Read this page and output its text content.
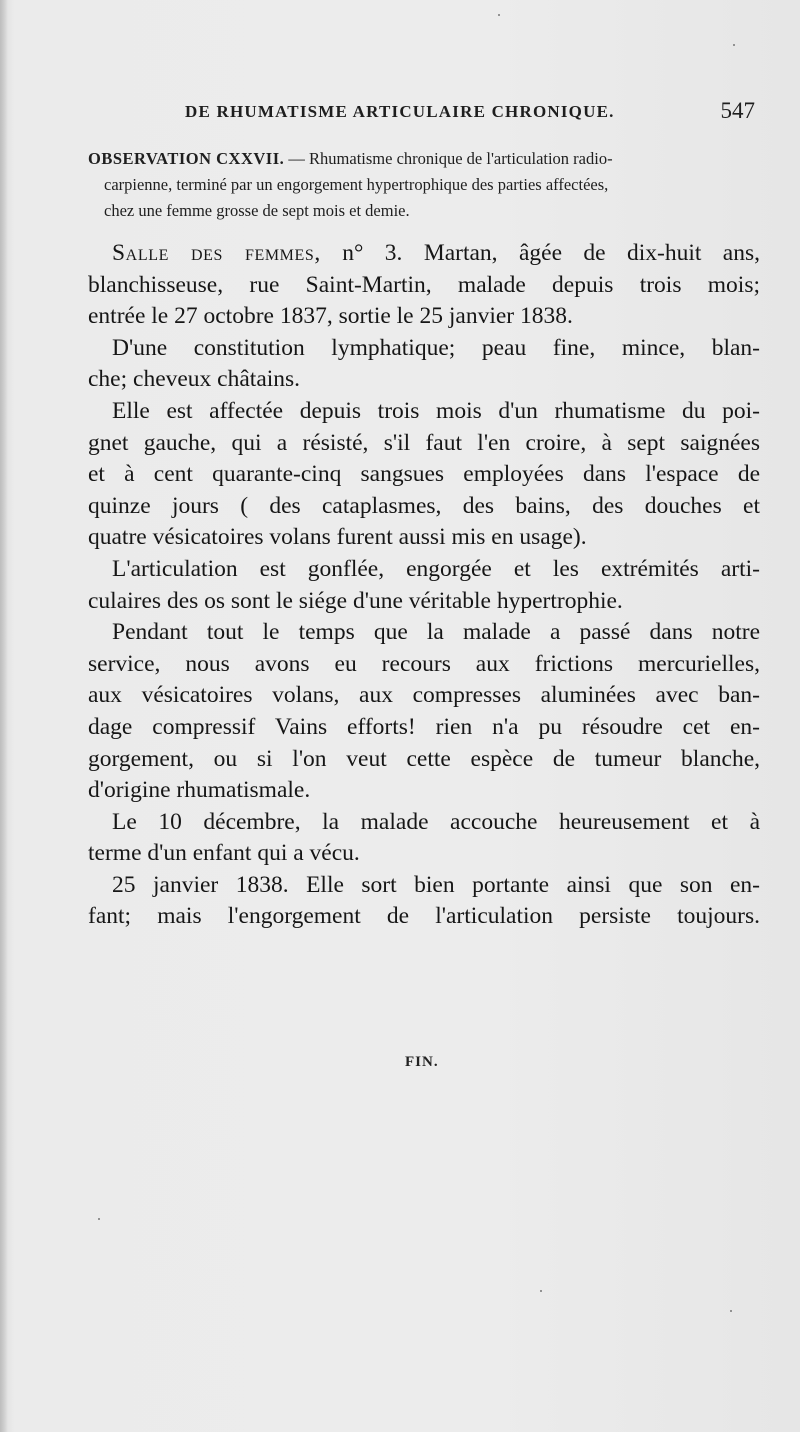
DE RHUMATISME ARTICULAIRE CHRONIQUE.	547
OBSERVATION CXXVII. — Rhumatisme chronique de l'articulation radio-
carpienne, terminé par un engorgement hypertrophique des parties affectées,
chez une femme grosse de sept mois et demie.
Salle des femmes, n° 3. Martan, âgée de dix-huit ans,
blanchisseuse, rue Saint-Martin, malade depuis trois mois;
entrée le 27 octobre 1837, sortie le 25 janvier 1838.
D'une constitution lymphatique; peau fine, mince, blan-
che; cheveux châtains.
Elle est affectée depuis trois mois d'un rhumatisme du poi-
gnet gauche, qui a résisté, s'il faut l'en croire, à sept saignées
et à cent quarante-cinq sangsues employées dans l'espace de
quinze jours ( des cataplasmes, des bains, des douches et
quatre vésicatoires volans furent aussi mis en usage).
L'articulation est gonflée, engorgée et les extrémités arti-
culaires des os sont le siége d'une véritable hypertrophie.
Pendant tout le temps que la malade a passé dans notre
service, nous avons eu recours aux frictions mercurielles,
aux vésicatoires volans, aux compresses aluminées avec ban-
dage compressif Vains efforts! rien n'a pu résoudre cet en-
gorgement, ou si l'on veut cette espèce de tumeur blanche,
d'origine rhumatismale.
Le 10 décembre, la malade accouche heureusement et à
terme d'un enfant qui a vécu.
25 janvier 1838. Elle sort bien portante ainsi que son en-
fant; mais l'engorgement de l'articulation persiste toujours.
FIN.
